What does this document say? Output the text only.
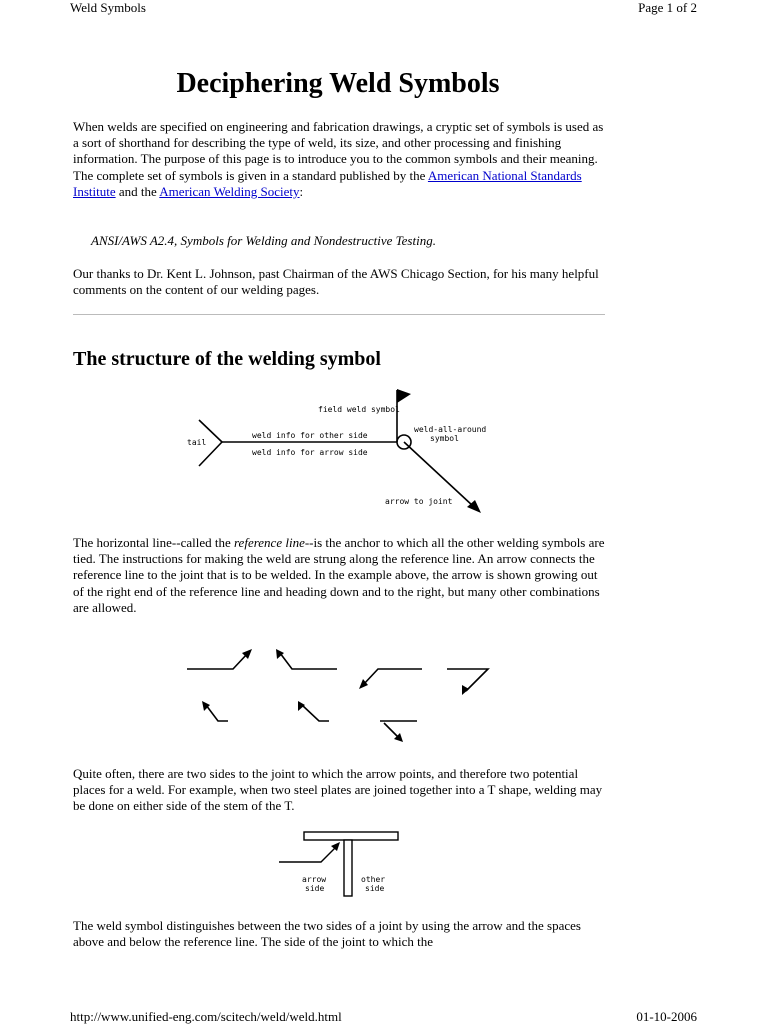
Weld Symbols	Page 1 of 2
Deciphering Weld Symbols

When welds are specified on engineering and fabrication drawings, a cryptic set of symbols is used as a sort of shorthand for describing the type of weld, its size, and other processing and finishing information. The purpose of this page is to introduce you to the common symbols and their meaning. The complete set of symbols is given in a standard published by the American National Standards Institute and the American Welding Society:

ANSI/AWS A2.4, Symbols for Welding and Nondestructive Testing.

Our thanks to Dr. Kent L. Johnson, past Chairman of the AWS Chicago Section, for his many helpful comments on the content of our welding pages.

The structure of the welding symbol
tail
field weld symbol
weld info for other side
weld info for arrow side
weld-all-around
symbol
arrow to joint

The horizontal line--called the reference line--is the anchor to which all the other welding symbols are tied. The instructions for making the weld are strung along the reference line. An arrow connects the reference line to the joint that is to be welded. In the example above, the arrow is shown growing out of the right end of the reference line and heading down and to the right, but many other combinations are allowed.

Quite often, there are two sides to the joint to which the arrow points, and therefore two potential places for a weld. For example, when two steel plates are joined together into a T shape, welding may be done on either side of the stem of the T.

arrow
side
other
side

The weld symbol distinguishes between the two sides of a joint by using the arrow and the spaces above and below the reference line. The side of the joint to which the

http://www.unified-eng.com/scitech/weld/weld.html	01-10-2006
